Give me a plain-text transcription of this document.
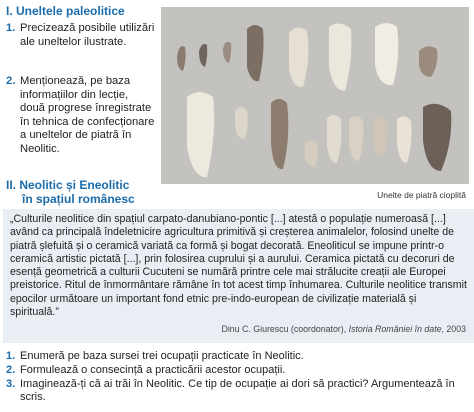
I. Uneltele paleolitice
1. Precizează posibile utilizări ale uneltelor ilustrate.
2. Menționează, pe baza informațiilor din lecție, două progrese înregistrate în tehnica de confecționare a uneltelor de piatră în Neolitic.
II. Neolitic și Eneolitic
în spațiul românesc	Unelte de piatră cioplită
„Culturile neolitice din spațiul carpato-danubiano-pontic [...] atestă o populație numeroasă [...] având ca principală îndeletnicire agricultura primitivă și creșterea animalelor, folosind unelte de piatră șlefuită și o ceramică variată ca formă și bogat decorată. Eneoliticul se impune printr-o ceramică artistic pictată [...], prin folosirea cuprului și a aurului. Ceramica pictată cu decoruri de esență geometrică a culturii Cucuteni se numără printre cele mai strălucite creații ale Europei preistorice. Ritul de înmormântare rămâne în tot acest timp înhumarea. Culturile neolitice transmit epocilor următoare un important fond etnic pre-indo-european de civilizație materială și spirituală.”
Dinu C. Giurescu (coordonator), Istoria României în date, 2003
1. Enumeră pe baza sursei trei ocupații practicate în Neolitic.
2. Formulează o consecință a practicării acestor ocupații.
3. Imaginează-ți că ai trăi în Neolitic. Ce tip de ocupație ai dori să practici? Argumentează în scris.
